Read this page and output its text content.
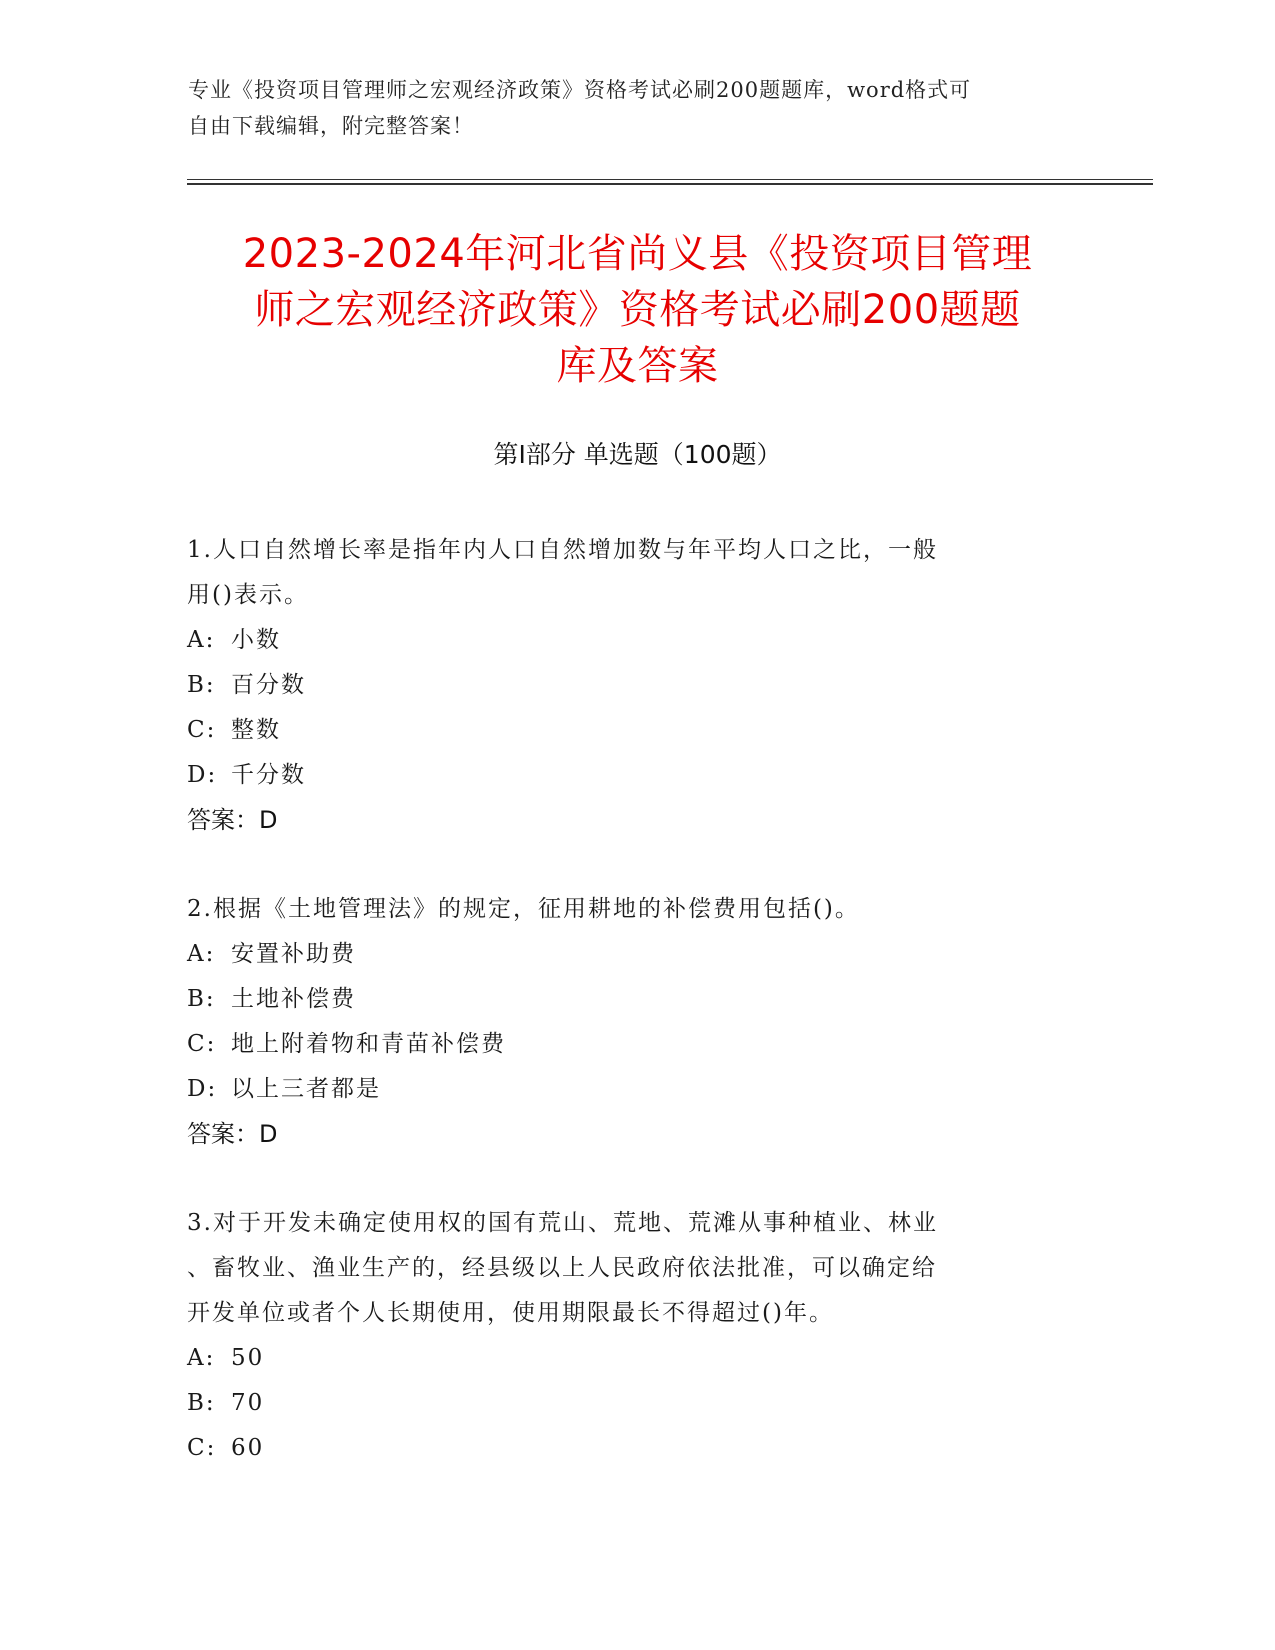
专业《投资项目管理师之宏观经济政策》资格考试必刷200题题库，word格式可
自由下载编辑，附完整答案！
2023-2024年河北省尚义县《投资项目管理
师之宏观经济政策》资格考试必刷200题题
库及答案
第I部分 单选题（100题）
1.人口自然增长率是指年内人口自然增加数与年平均人口之比，一般
用()表示。
A: 小数
B: 百分数
C: 整数
D: 千分数
答案：D
2.根据《土地管理法》的规定，征用耕地的补偿费用包括()。
A: 安置补助费
B: 土地补偿费
C: 地上附着物和青苗补偿费
D: 以上三者都是
答案：D
3.对于开发未确定使用权的国有荒山、荒地、荒滩从事种植业、林业
、畜牧业、渔业生产的，经县级以上人民政府依法批准，可以确定给
开发单位或者个人长期使用，使用期限最长不得超过()年。
A: 50
B: 70
C: 60
